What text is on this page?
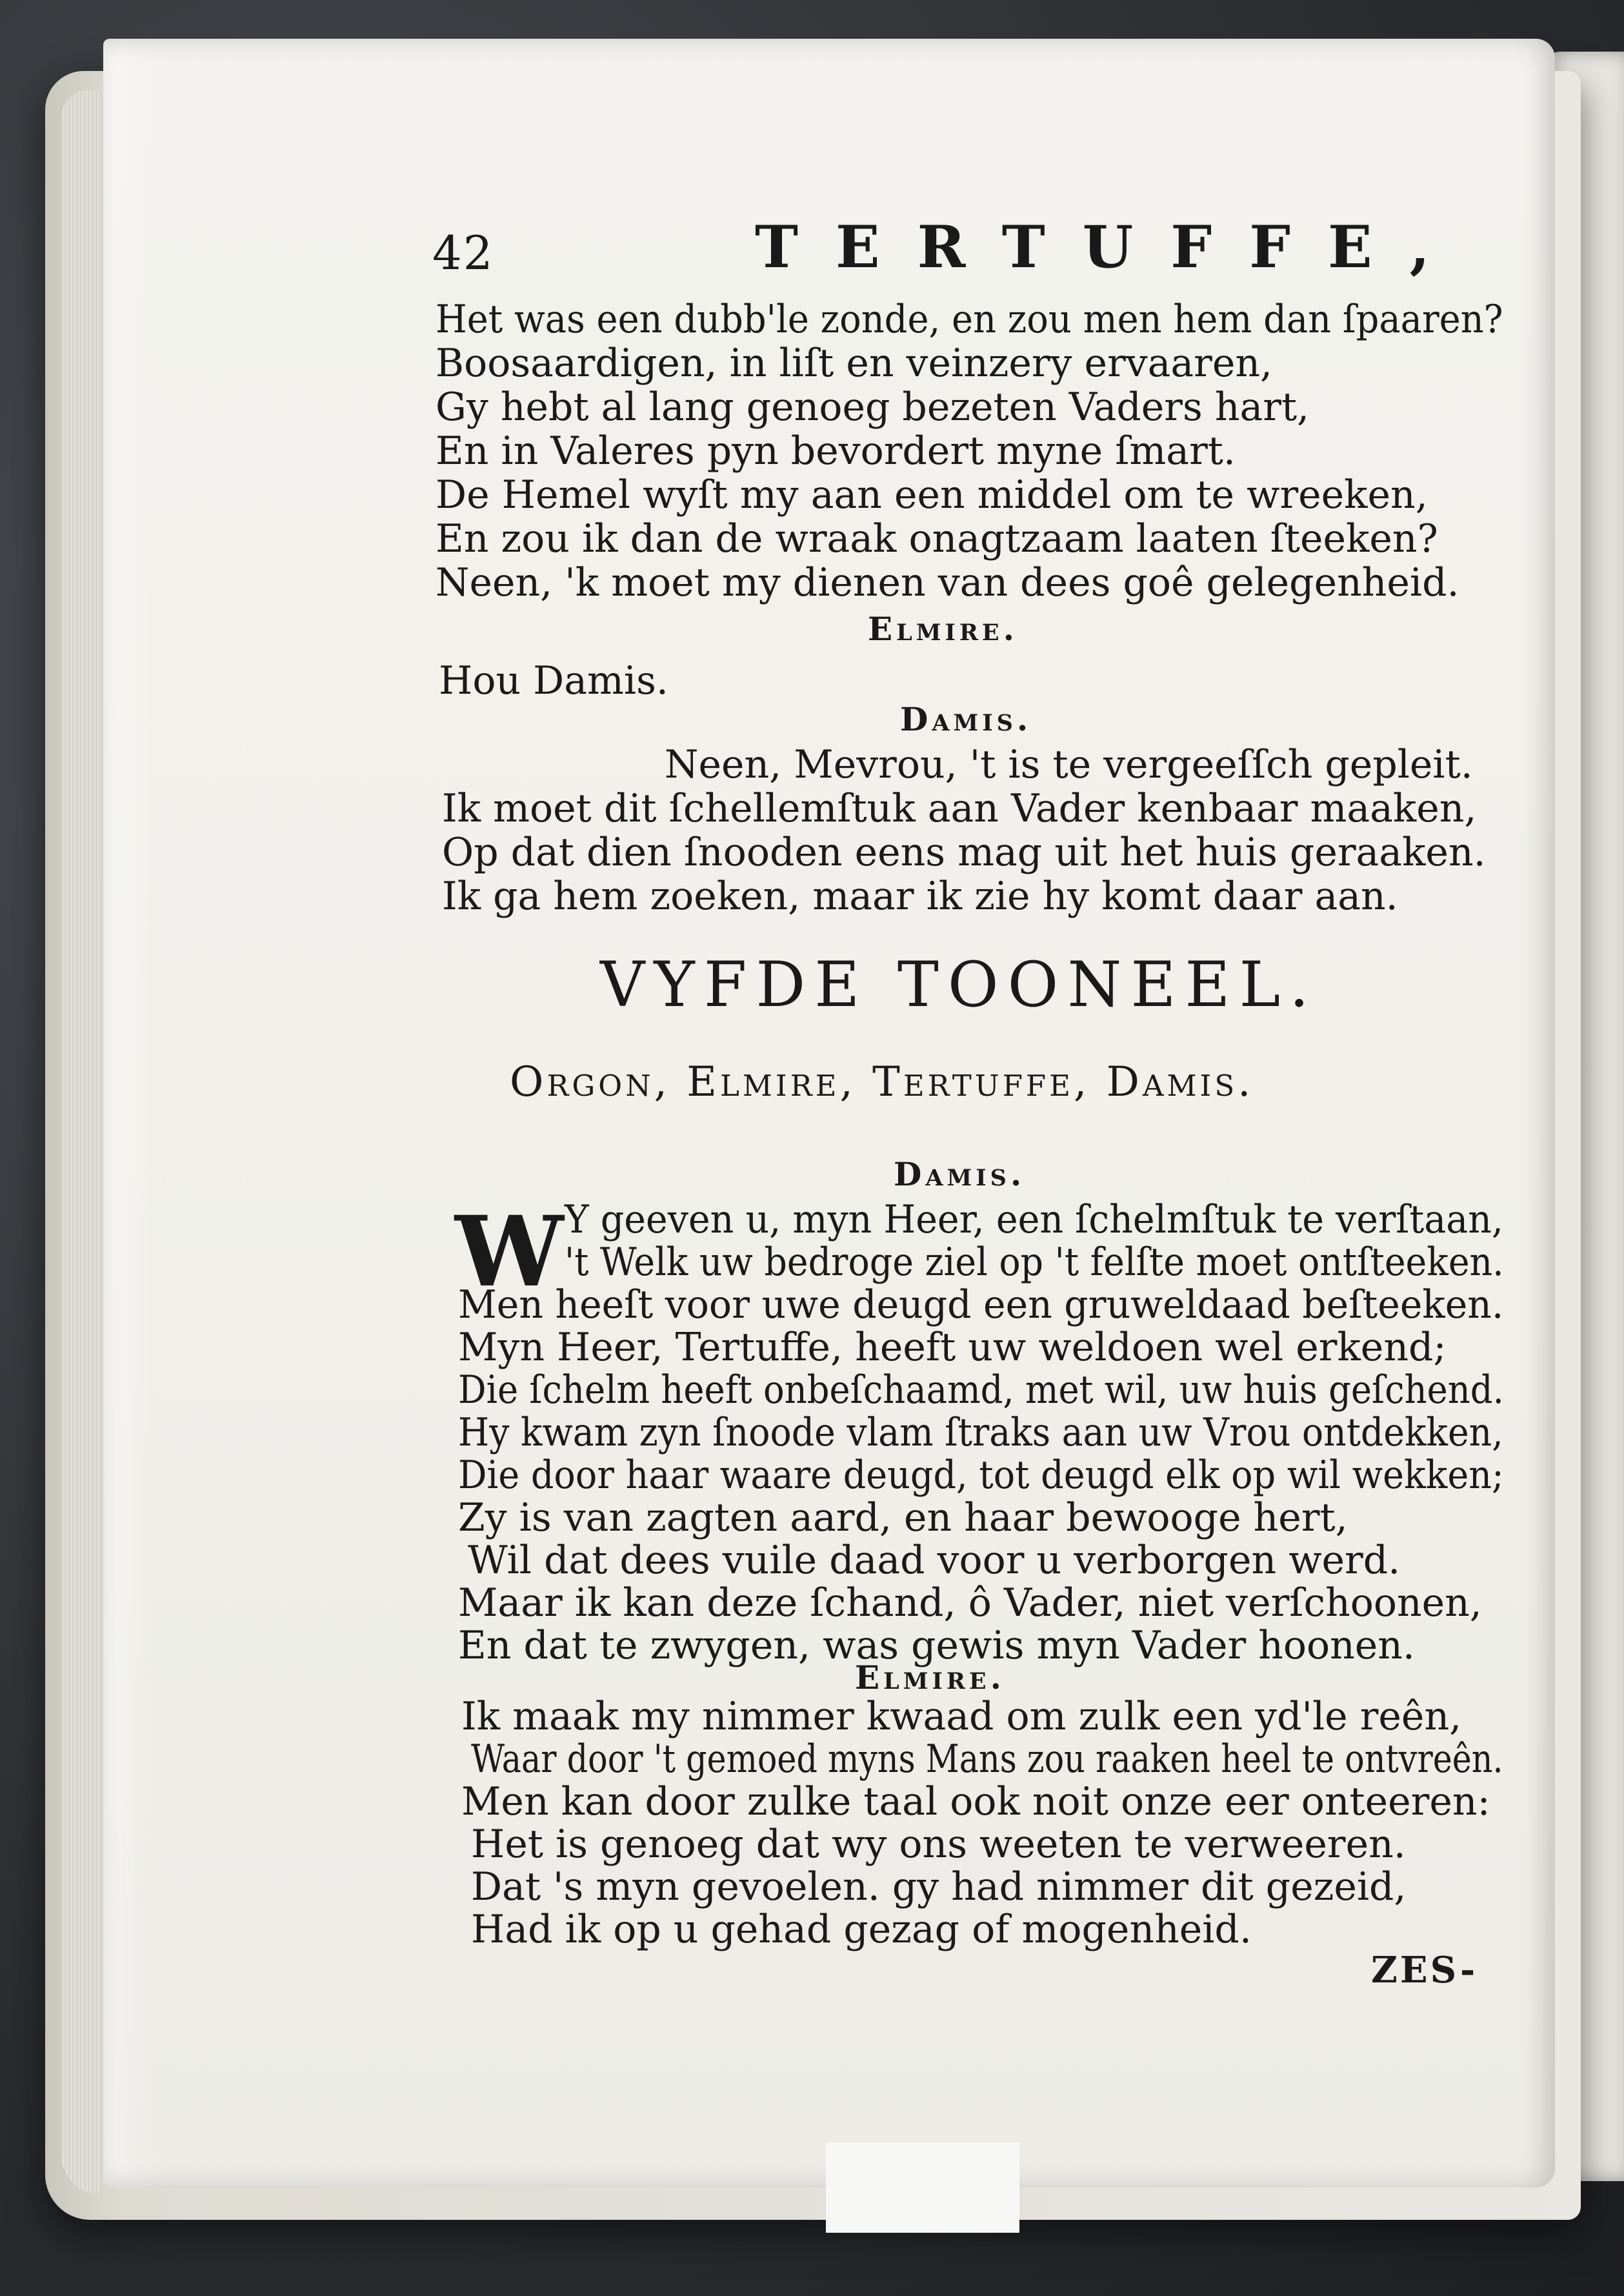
42	TERTUFFE,
Het was een dubb'le zonde, en zou men hem dan ſpaaren?
Boosaardigen, in liſt en veinzery ervaaren,
Gy hebt al lang genoeg bezeten Vaders hart,
En in Valeres pyn bevordert myne ſmart.
De Hemel wyſt my aan een middel om te wreeken,
En zou ik dan de wraak onagtzaam laaten ſteeken?
Neen, 'k moet my dienen van dees goê gelegenheid.
Elmire.
Hou Damis.
Damis.
Neen, Mevrou, 't is te vergeeſſch gepleit.
Ik moet dit ſchellemſtuk aan Vader kenbaar maaken,
Op dat dien ſnooden eens mag uit het huis geraaken.
Ik ga hem zoeken, maar ik zie hy komt daar aan.
VYFDE TOONEEL.
Orgon, Elmire, Tertuffe, Damis.
Damis.
W Y geeven u, myn Heer, een ſchelmſtuk te verſtaan,
't Welk uw bedroge ziel op 't felſte moet ontſteeken.
Men heeſt voor uwe deugd een gruweldaad beſteeken.
Myn Heer, Tertuffe, heeft uw weldoen wel erkend;
Die ſchelm heeft onbeſchaamd, met wil, uw huis geſchend.
Hy kwam zyn ſnoode vlam ſtraks aan uw Vrou ontdekken,
Die door haar waare deugd, tot deugd elk op wil wekken;
Zy is van zagten aard, en haar bewooge hert,
Wil dat dees vuile daad voor u verborgen werd.
Maar ik kan deze ſchand, ô Vader, niet verſchoonen,
En dat te zwygen, was gewis myn Vader hoonen.
Elmire.
Ik maak my nimmer kwaad om zulk een yd'le reên,
Waar door 't gemoed myns Mans zou raaken heel te ontvreên.
Men kan door zulke taal ook noit onze eer onteeren:
Het is genoeg dat wy ons weeten te verweeren.
Dat 's myn gevoelen. gy had nimmer dit gezeid,
Had ik op u gehad gezag of mogenheid.
ZES-
